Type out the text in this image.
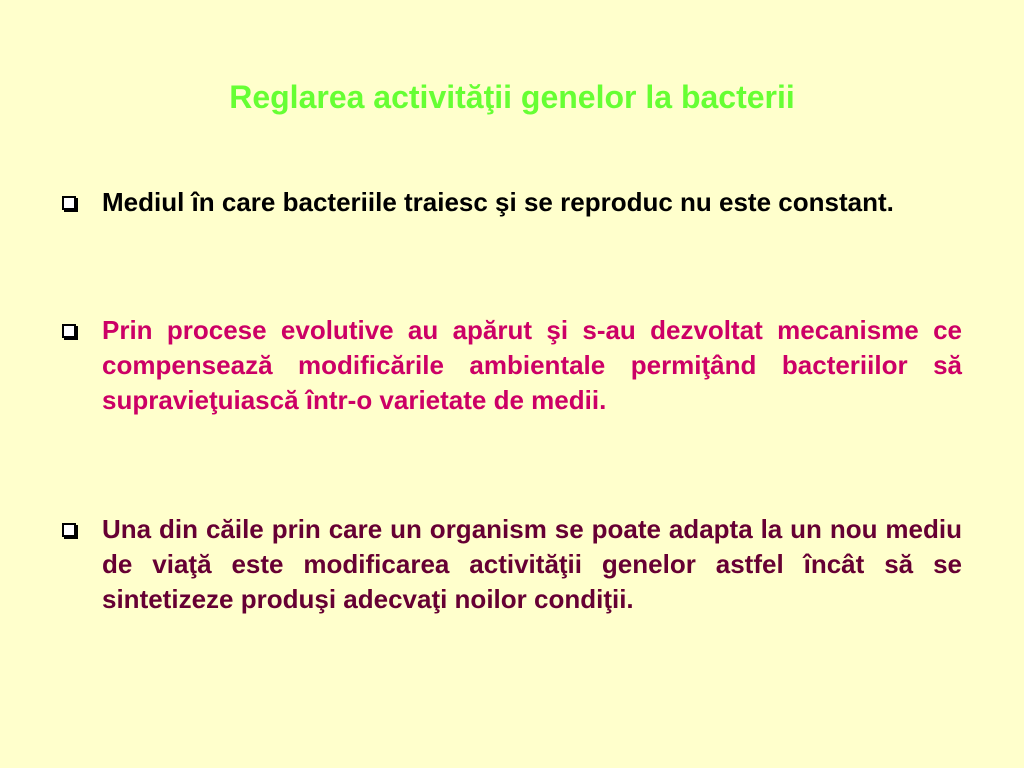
Reglarea activităţii genelor la bacterii
Mediul în care bacteriile traiesc şi se reproduc nu este constant.
Prin procese evolutive au apărut şi s-au dezvoltat mecanisme ce compensează modificările ambientale permiţând bacteriilor să supravieţuiască într-o varietate de medii.
Una din căile prin care un organism se poate adapta la un nou mediu de viaţă este modificarea activităţii genelor astfel încât să se sintetizeze produşi adecvaţi noilor condiţii.
